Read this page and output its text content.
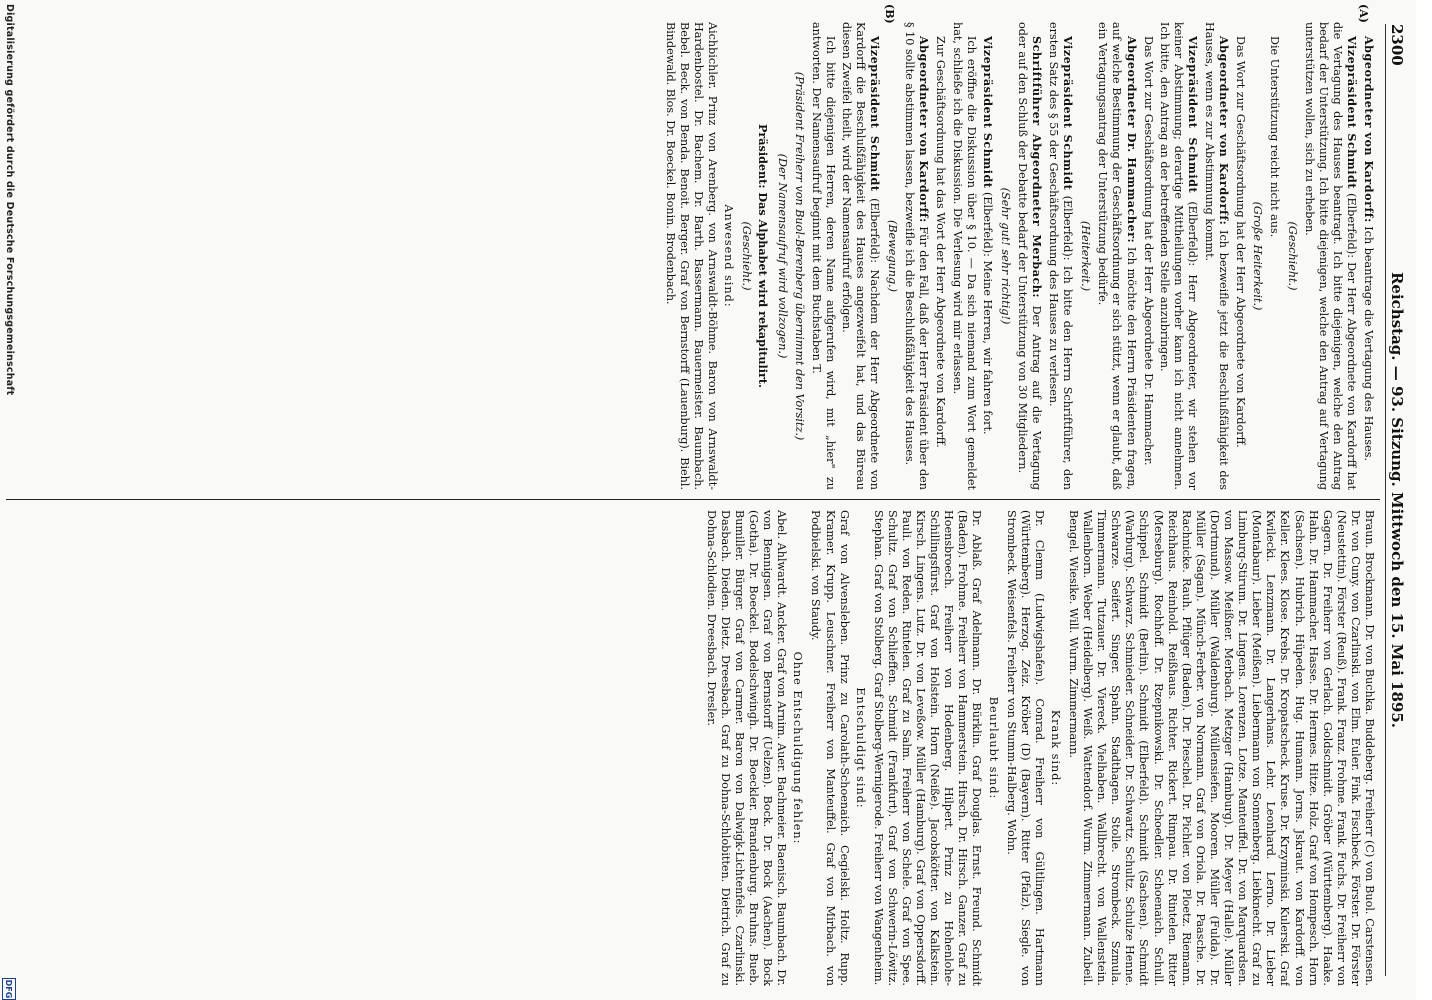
2300
Reichstag. — 93. Sitzung. Mittwoch den 15. Mai 1895.
(A)
(B)

Abgeordneter von Kardorff: Ich beantrage die Vertagung des Hauses.

Vizepräsident Schmidt (Elberfeld): Der Herr Abgeordnete von Kardorff hat die Vertagung des Hauses beantragt. Ich bitte diejenigen, welche den Antrag bedarf der Unterstützung. Ich bitte diejenigen, welche den Antrag auf Vertagung unterstützen wollen, sich zu erheben.

(Geschieht.)

Die Unterstützung reicht nicht aus.

(Große Heiterkeit.)

Das Wort zur Geschäftsordnung hat der Herr Abgeordnete von Kardorff.

Abgeordneter von Kardorff: Ich bezweifle jetzt die Beschlußfähigkeit des Hauses, wenn es zur Abstimmung kommt.

Vizepräsident Schmidt (Elberfeld): Herr Abgeordneter, wir stehen vor keiner Abstimmung; derartige Mittheilungen vorher kann ich nicht annehmen. Ich bitte, den Antrag an der betreffenden Stelle anzubringen.

Das Wort zur Geschäftsordnung hat der Herr Abgeordnete Dr. Hammacher.

Abgeordneter Dr. Hammacher: Ich möchte den Herrn Präsidenten fragen, auf welche Bestimmung der Geschäftsordnung er sich stützt, wenn er glaubt, daß ein Vertagungsantrag der Unterstützung bedürfe.

(Heiterkeit.)

Vizepräsident Schmidt (Elberfeld): Ich bitte den Herrn Schriftführer, den ersten Satz des § 55 der Geschäftsordnung des Hauses zu verlesen.

Schriftführer Abgeordneter Merbach: Der Antrag auf die Vertagung oder auf den Schluß der Debatte bedarf der Unterstützung von 30 Mitgliedern.

(Sehr gut! sehr richtig!)

Vizepräsident Schmidt (Elberfeld): Meine Herren, wir fahren fort.

Ich eröffne die Diskussion über § 10. — Da sich niemand zum Wort gemeldet hat, schließe ich die Diskussion. Die Verlesung wird mir erlassen.

Zur Geschäftsordnung hat das Wort der Herr Abgeordnete von Kardorff.

Abgeordneter von Kardorff: Für den Fall, daß der Herr Präsident über den § 10 sollte abstimmen lassen, bezweifle ich die Beschlußfähigkeit des Hauses.

(Bewegung.)

Vizepräsident Schmidt (Elberfeld): Nachdem der Herr Abgeordnete von Kardorff die Beschlußfähigkeit des Hauses angezweifelt hat, und das Büreau diesen Zweifel theilt, wird der Namensaufruf erfolgen.

Ich bitte diejenigen Herren, deren Name aufgerufen wird, mit „hier" zu antworten. Der Namensaufruf beginnt mit dem Buchstaben T.

(Präsident Freiherr von Buol-Berenberg übernimmt den Vorsitz.)

(Der Namensaufruf wird vollzogen.)

Präsident: Das Alphabet wird rekapitulirt.

(Geschieht.)

Anwesend sind:

Aichbichler. Prinz von Arenberg. von Arnswaldt-Böhme. Baron von Arnswaldt-Hardenbostel. Dr. Bachem. Dr. Barth. Bassermann. Bauermeister. Baumbach. Bebel. Beck. von Benda. Benoit. Berger. Graf von Bernstorff (Lauenburg). Biehl. Bindewald. Blos. Dr. Boeckel. Bonin. Brodenbach.

Braun. Brockmann. Dr. von Buchka. Buddeberg. Freiherr (C) von Buol. Carstensen. Dr. von Cuny. von Czarlinski. von Elm. Euler. Fink. Fischbeck. Förster. Dr. Förster (Neustettin). Förster (Reuß). Frank. Franz. Frohme. Frank. Fuchs. Dr. Freiherr von Gagern. Dr. Freiherr von Gerlach. Goldschmidt. Gröber (Württemberg). Haake. Hahn. Dr. Hammacher. Hasse. Dr. Hermes. Hitze. Holz. Graf von Hompesch. Horn (Sachsen). Hubrich. Hüpeden. Hug. Humann. Jorns. Jskraut. von Kardorff. von Keller. Klees. Klose. Krebs. Dr. Kropatscheck. Kruse. Dr. Krzyminski. Kulerski. Graf Kwilecki. Lenzmann. Dr. Langerhans. Lehr. Leonhard. Lerno. Dr. Lieber (Montabaur). Lieber (Meißen). Liebermann von Sonnenberg. Liebknecht. Graf zu Limburg-Stirum. Dr. Lingens. Lorenzen. Lotze. Manteuffel. Dr. von Marquardsen. von Massow. Meißner. Merbach. Metzger (Hamburg). Dr. Meyer (Halle). Müller (Dortmund). Müller (Waldenburg). Müllensiefen. Mooren. Müller (Fulda). Dr. Müller (Sagan). Münch-Ferber. von Normann. Graf von Oriola. Dr. Paasche. Dr. Rachnicke. Rauh. Pflüger (Baden). Dr. Pieschel. Dr. Pichler. von Ploetz. Riemann. Reichhaus. Reinhold. Reißhaus. Richter. Rickert. Rimpau. Dr. Rintelen. Ritter (Merseburg). Rochhoff. Dr. Rzepnikowski. Dr. Schoedler. Schoenaich. Schull. Schippel. Schmidt (Berlin). Schmidt (Elberfeld). Schmidt (Sachsen). Schmidt (Warburg). Schwarz. Schmieder. Schneider. Dr. Schwartz. Schultz. Schulze Henne. Schwarze. Seifert. Singer. Spahn. Stadthagen. Stolle. Strombeck. Szmula. Timmermann. Tutzauer. Dr. Viereck. Vielhaben. Wallbrecht. von Wallenstein. Wallenborn. Weber (Heidelberg). Weiß. Wattendorf. Wurm. Zimmermann. Zubeil. Bengel. Wiesike. Will. Wurm. Zimmermann.

Krank sind:

Dr. Clemm (Ludwigshafen). Conrad. Freiherr von Gültlingen. Hartmann (Württemberg). Herzog. Zeiz. Kröber (D) (Bayern). Ritter (Pfalz). Siegle. von Strombeck. Weisenfels. Freiherr von Stumm-Halberg. Wohn.

Beurlaubt sind:

Dr. Ablaß. Graf Adelmann. Dr. Bürklin. Graf Douglas. Ernst. Freund. Schmidt (Baden). Frohme. Freiherr von Hammerstein. Hirsch. Dr. Hirsch. Ganzer. Graf zu Hoensbroech. Freiherr von Hodenberg. Hilpert. Prinz zu Hohenlohe-Schillingsfürst. Graf von Holstein. Horn (Neiße). Jacobskötter. von Kalkstein. Kirsch. Lingens. Lutz. Dr. von Leveßow. Müller (Hamburg). Graf von Oppersdorff. Pauli. von Reden. Rintelen. Graf zu Salm. Freiherr von Schele. Graf von Spee. Schultz. Graf von Schlieffen. Schmidt (Frankfurt). Graf von Schwerin-Löwitz. Stephan. Graf von Stolberg. Graf Stolberg-Wernigerode. Freiherr von Wangenheim.

Entschuldigt sind:

Graf von Alvensleben. Prinz zu Carolath-Schoenaich. Cegielski. Holtz. Rupp. Kramer. Krupp. Leuschner. Freiherr von Manteuffel. Graf von Mirbach. von Podbielski. von Staudy.

Ohne Entschuldigung fehlen:

Abel. Ahlwardt. Ancker. Graf von Arnim. Auer. Bachmeier. Baenisch. Baumbach. Dr. von Bennigsen. Graf von Bernstorff (Uelzen). Bock. Dr. Bock (Aachen). Bock (Gotha). Dr. Boeckel. Bodelschwingh. Dr. Boeckler. Brandenburg. Bruhns. Bueb. Bumiller. Bürger. Graf von Carmer. Baron von Dalwigk-Lichtenfels. Czarlinski. Dasbach. Dieden. Dietz. Dreesbach. Graf zu Dohna-Schlobitten. Dietrich. Graf zu Dohna-Schlodien. Dreesbach. Dresler.

Digitalisierung gefördert durch die Deutsche Forschungsgemeinschaft
DFG
